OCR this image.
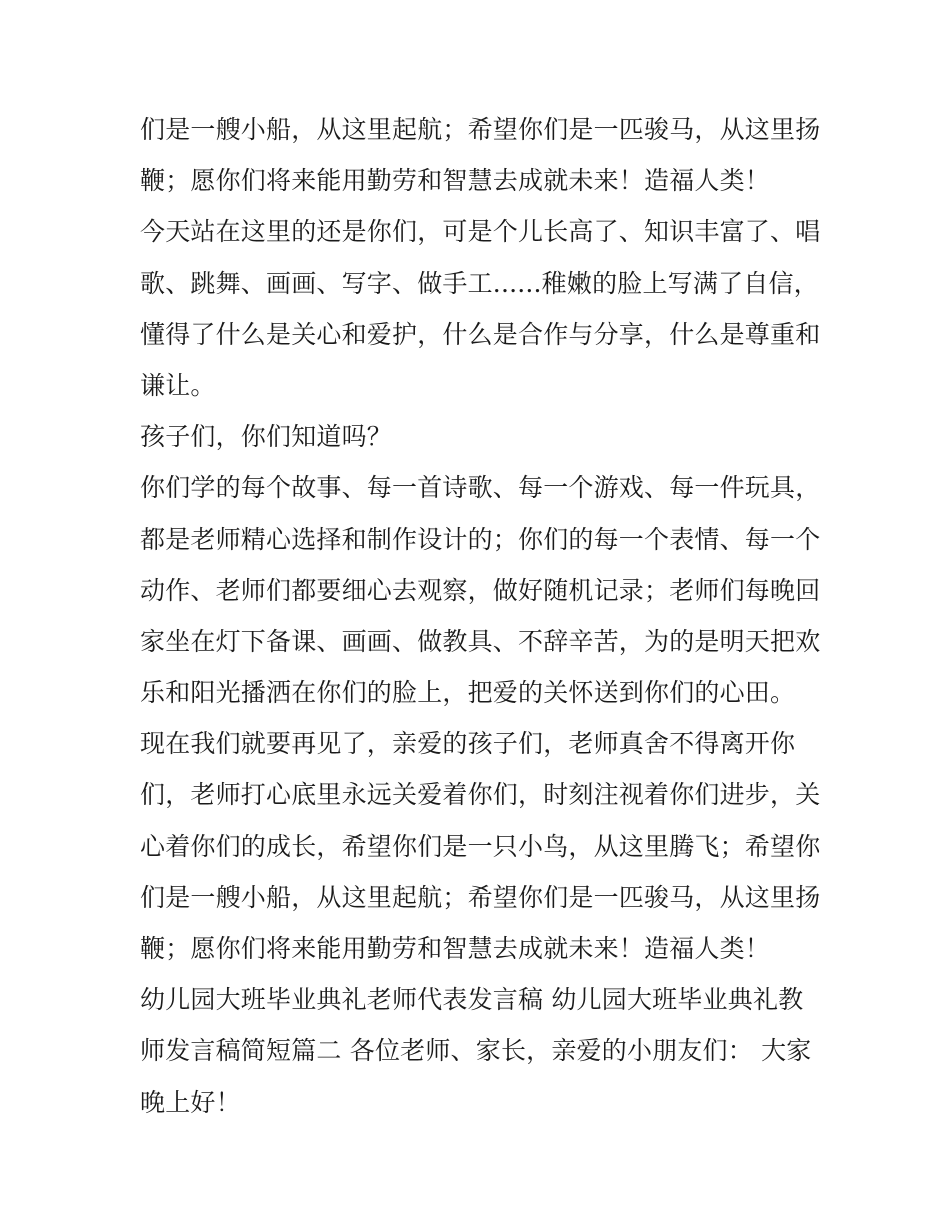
们是一艘小船，从这里起航；希望你们是一匹骏马，从这里扬
鞭；愿你们将来能用勤劳和智慧去成就未来！造福人类！
今天站在这里的还是你们，可是个儿长高了、知识丰富了、唱
歌、跳舞、画画、写字、做手工......稚嫩的脸上写满了自信，
懂得了什么是关心和爱护，什么是合作与分享，什么是尊重和
谦让。
孩子们，你们知道吗？
你们学的每个故事、每一首诗歌、每一个游戏、每一件玩具，
都是老师精心选择和制作设计的；你们的每一个表情、每一个
动作、老师们都要细心去观察，做好随机记录；老师们每晚回
家坐在灯下备课、画画、做教具、不辞辛苦，为的是明天把欢
乐和阳光播洒在你们的脸上，把爱的关怀送到你们的心田。
现在我们就要再见了，亲爱的孩子们，老师真舍不得离开你
们，老师打心底里永远关爱着你们，时刻注视着你们进步，关
心着你们的成长，希望你们是一只小鸟，从这里腾飞；希望你
们是一艘小船，从这里起航；希望你们是一匹骏马，从这里扬
鞭；愿你们将来能用勤劳和智慧去成就未来！造福人类！
幼儿园大班毕业典礼老师代表发言稿 幼儿园大班毕业典礼教
师发言稿简短篇二 各位老师、家长，亲爱的小朋友们： 大家
晚上好！
